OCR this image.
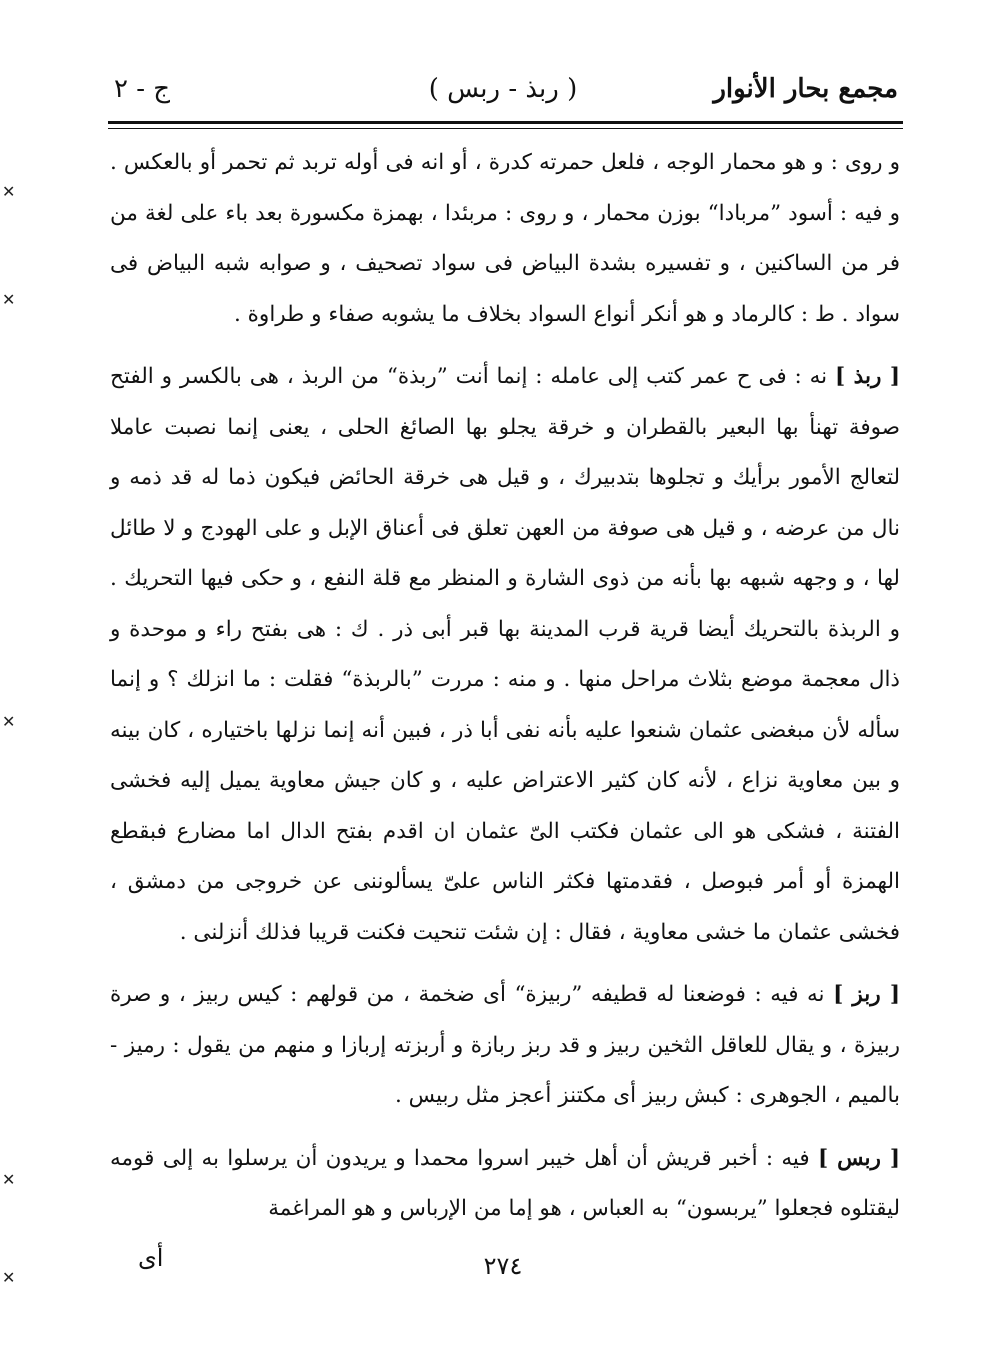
مجمع بحار الأنوار
( ربذ - ربس )
ج - ٢

و روى : و هو محمار الوجه ، فلعل حمرته كدرة ، أو انه فى أوله تربد ثم تحمر أو بالعكس . و فيه : أسود ”مربادا“ بوزن محمار ، و روى : مربئدا ، بهمزة مكسورة بعد باء على لغة من فر من الساكنين ، و تفسيره بشدة البياض فى سواد تصحيف ، و صوابه شبه البياض فى سواد . ط : كالرماد و هو أنكر أنواع السواد بخلاف ما يشوبه صفاء و طراوة .

[ ربذ ] نه : فى ح عمر كتب إلى عامله : إنما أنت ”ربذة“ من الربذ ، هى بالكسر و الفتح صوفة تهنأ بها البعير بالقطران و خرقة يجلو بها الصائغ الحلى ، يعنى إنما نصبت عاملا لتعالج الأمور برأيك و تجلوها بتدبيرك ، و قيل هى خرقة الحائض فيكون ذما له قد ذمه و نال من عرضه ، و قيل هى صوفة من العهن تعلق فى أعناق الإبل و على الهودج و لا طائل لها ، و وجهه شبهه بها بأنه من ذوى الشارة و المنظر مع قلة النفع ، و حكى فيها التحريك . و الربذة بالتحريك أيضا قرية قرب المدينة بها قبر أبى ذر . ك : هى بفتح راء و موحدة و ذال معجمة موضع بثلاث مراحل منها . و منه : مررت ”بالربذة“ فقلت : ما انزلك ؟ و إنما سأله لأن مبغضى عثمان شنعوا عليه بأنه نفى أبا ذر ، فبين أنه إنما نزلها باختياره ، كان بينه و بين معاوية نزاع ، لأنه كان كثير الاعتراض عليه ، و كان جيش معاوية يميل إليه فخشى الفتنة ، فشكى هو الى عثمان فكتب الىّ عثمان ان اقدم بفتح الدال اما مضارع فبقطع الهمزة أو أمر فبوصل ، فقدمتها فكثر الناس علىّ يسألوننى عن خروجى من دمشق ، فخشى عثمان ما خشى معاوية ، فقال : إن شئت تنحيت فكنت قريبا فذلك أنزلنى .

[ ربز ] نه فيه : فوضعنا له قطيفه ”ربيزة“ أى ضخمة ، من قولهم : كيس ربيز ، و صرة ربيزة ، و يقال للعاقل الثخين ربيز و قد ربز ربازة و أربزته إربازا و منهم من يقول : رميز - بالميم ، الجوهرى : كبش ربيز أى مكتنز أعجز مثل ربيس .

[ ربس ] فيه : أخبر قريش أن أهل خيبر اسروا محمدا و يريدون أن يرسلوا به إلى قومه ليقتلوه فجعلوا ”يربسون“ به العباس ، هو إما من الإرباس و هو المراغمة

أى	٢٧٤
✕
✕
✕
✕
✕
